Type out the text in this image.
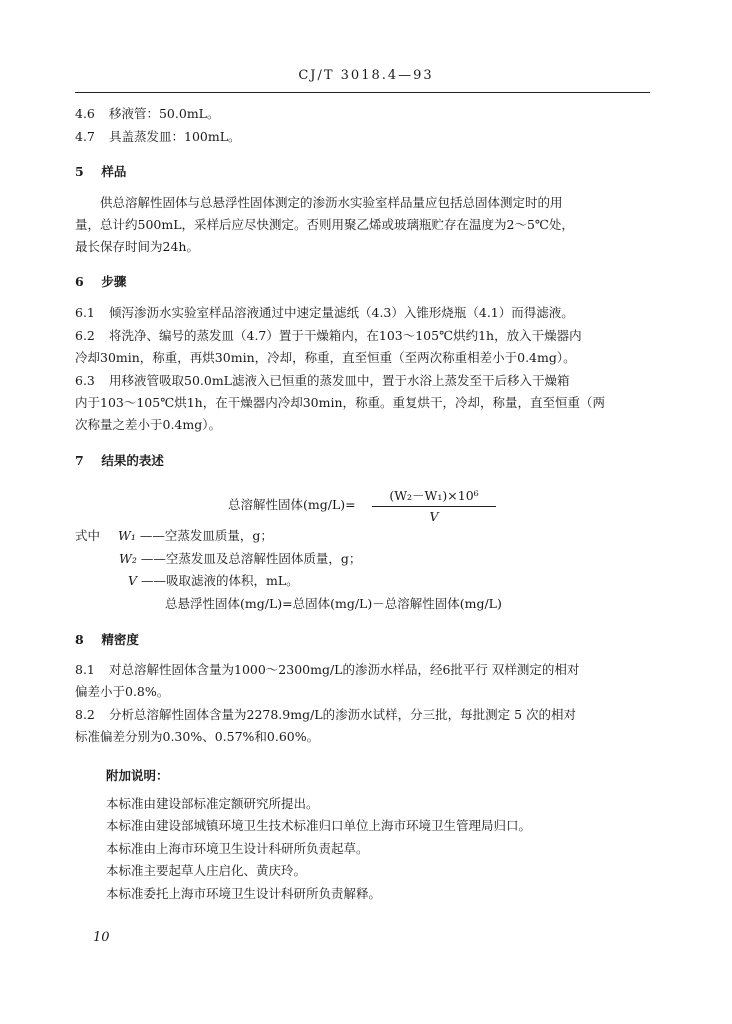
CJ/T 3018.4—93
4.6 移液管：50.0mL。
4.7 具盖蒸发皿：100mL。
5 样品
供总溶解性固体与总悬浮性固体测定的渗沥水实验室样品量应包括总固体测定时的用
量，总计约500mL，采样后应尽快测定。否则用聚乙烯或玻璃瓶贮存在温度为2～5℃处，
最长保存时间为24h。
6 步骤
6.1 倾泻渗沥水实验室样品溶液通过中速定量滤纸（4.3）入锥形烧瓶（4.1）而得滤液。
6.2 将洗净、编号的蒸发皿（4.7）置于干燥箱内，在103～105℃烘约1h，放入干燥器内
冷却30min，称重，再烘30min，冷却，称重，直至恒重（至两次称重相差小于0.4mg）。
6.3 用移液管吸取50.0mL滤液入已恒重的蒸发皿中，置于水浴上蒸发至干后移入干燥箱
内于103～105℃烘1h，在干燥器内冷却30min，称重。重复烘干，冷却，称量，直至恒重（两
次称量之差小于0.4mg）。
7 结果的表述
总溶解性固体$(mg/L)= \frac{\text{(W₂－W₁)×10⁶}}{V}$
式中 W₁ ——空蒸发皿质量，g；
W₂ ——空蒸发皿及总溶解性固体质量，g；
V ——吸取滤液的体积，mL。
总悬浮性固体(mg/L)=总固体(mg/L)－总溶解性固体(mg/L)
8 精密度
8.1 对总溶解性固体含量为1000～2300mg/L的渗沥水样品，经6批平行 双样测定的相对
偏差小于0.8%。
8.2 分析总溶解性固体含量为2278.9mg/L的渗沥水试样，分三批，每批测定 5 次的相对
标准偏差分别为0.30%、0.57%和0.60%。
附加说明：
本标准由建设部标准定额研究所提出。
本标准由建设部城镇环境卫生技术标准归口单位上海市环境卫生管理局归口。
本标准由上海市环境卫生设计科研所负责起草。
本标准主要起草人庄启化、黄庆玲。
本标准委托上海市环境卫生设计科研所负责解释。
10
